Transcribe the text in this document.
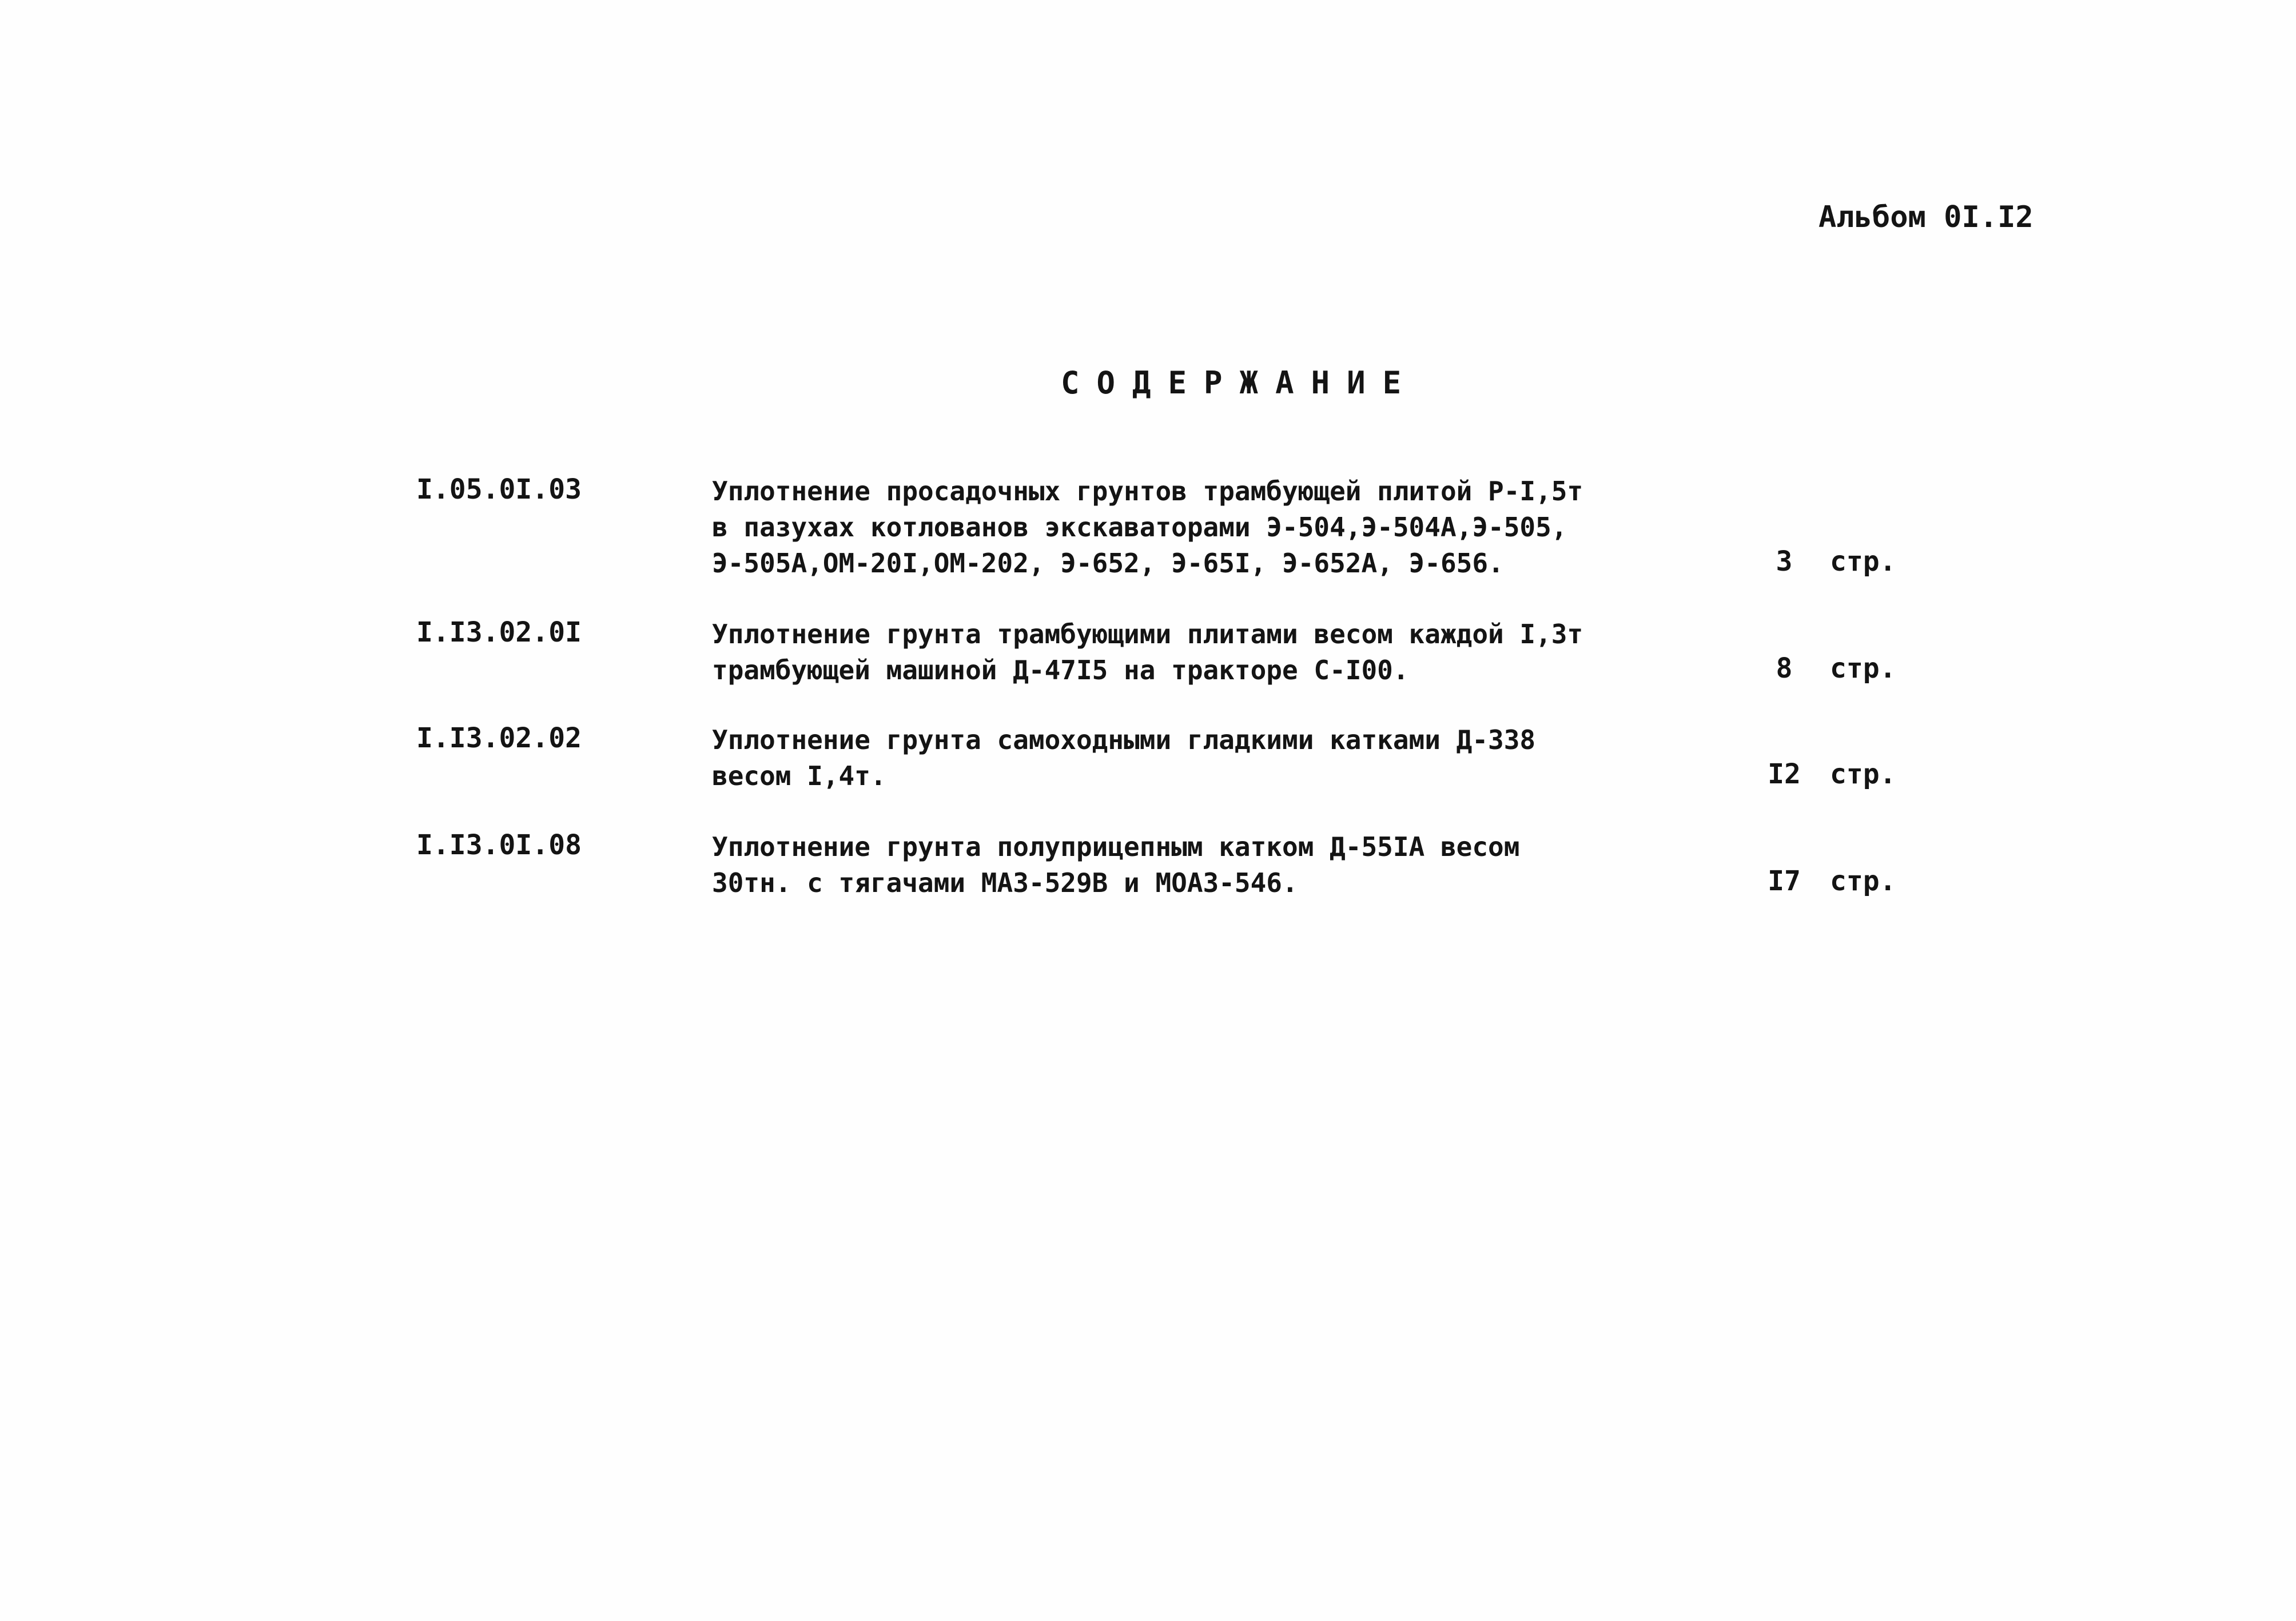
Альбом 0I.I2
СОДЕРЖАНИЕ
I.05.0I.03	Уплотнение просадочных грунтов трамбующей плитой Р-I,5т
в пазухах котлованов экскаваторами Э-504,Э-504А,Э-505,
Э-505А,ОМ-20I,ОМ-202, Э-652, Э-65I, Э-652А, Э-656.	3	стр.
I.I3.02.0I	Уплотнение грунта трамбующими плитами весом каждой I,3т
трамбующей машиной Д-47I5 на тракторе С-I00.	8	стр.
I.I3.02.02	Уплотнение грунта самоходными гладкими катками Д-338
весом I,4т.	I2 стр.
I.I3.0I.08	Уплотнение грунта полуприцепным катком Д-55IА весом
30тн. с тягачами МАЗ-529В и МОАЗ-546.	I7 стр.
